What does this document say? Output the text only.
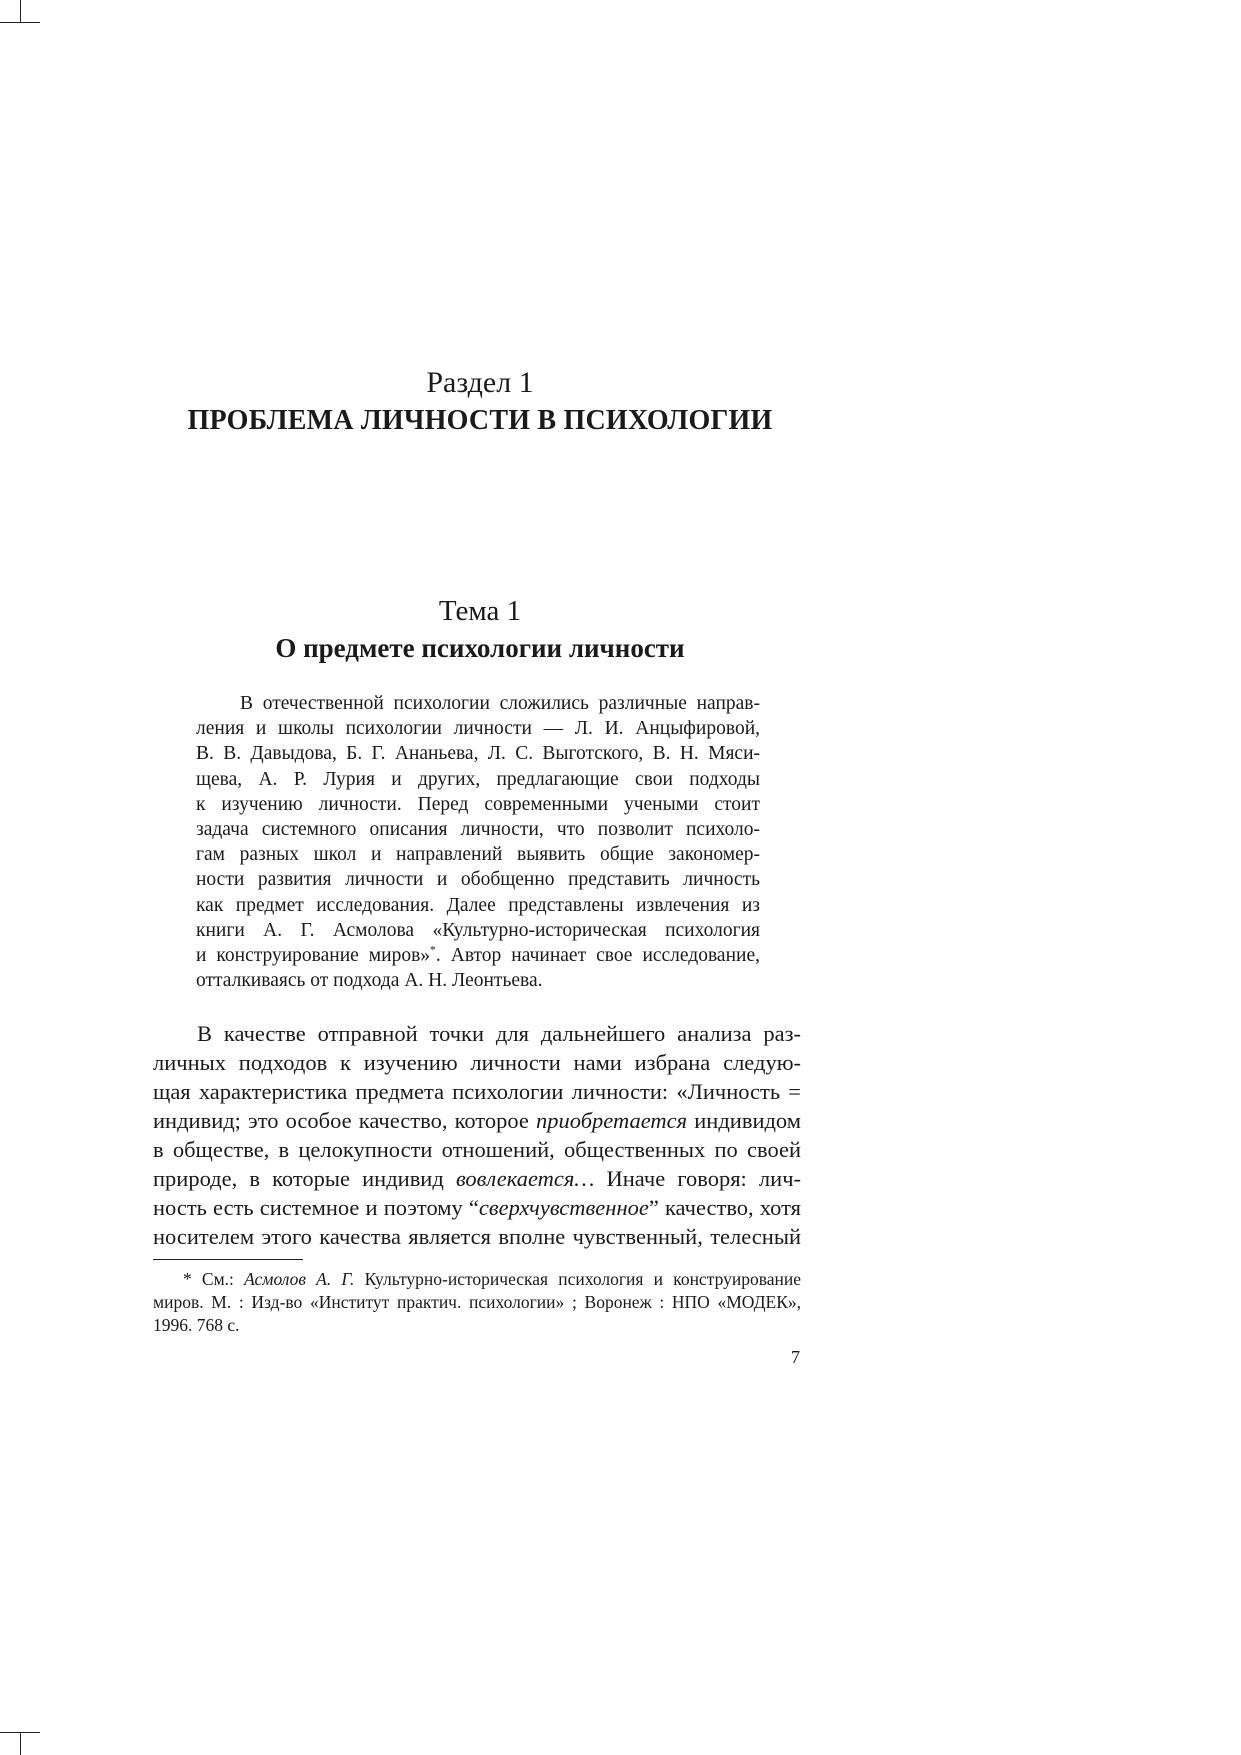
Раздел 1
ПРОБЛЕМА ЛИЧНОСТИ В ПСИХОЛОГИИ
Тема 1
О предмете психологии личности
В отечественной психологии сложились различные направ-
ления и школы психологии личности — Л. И. Анцыфировой,
В. В. Давыдова, Б. Г. Ананьева, Л. С. Выготского, В. Н. Мяси-
щева, А. Р. Лурия и других, предлагающие свои подходы
к изучению личности. Перед современными учеными стоит
задача системного описания личности, что позволит психоло-
гам разных школ и направлений выявить общие закономер-
ности развития личности и обобщенно представить личность
как предмет исследования. Далее представлены извлечения из
книги А. Г. Асмолова «Культурно-историческая психология
и конструирование миров»*. Автор начинает свое исследование,
отталкиваясь от подхода А. Н. Леонтьева.
В качестве отправной точки для дальнейшего анализа раз-
личных подходов к изучению личности нами избрана следую-
щая характеристика предмета психологии личности: «Личность =
индивид; это особое качество, которое приобретается индивидом
в обществе, в целокупности отношений, общественных по своей
природе, в которые индивид вовлекается… Иначе говоря: лич-
ность есть системное и поэтому “сверхчувственное” качество, хотя
носителем этого качества является вполне чувственный, телесный
* См.: Асмолов А. Г. Культурно-историческая психология и конструирование
миров. М. : Изд-во «Институт практич. психологии» ; Воронеж : НПО «МОДЕК»,
1996. 768 с.
7
